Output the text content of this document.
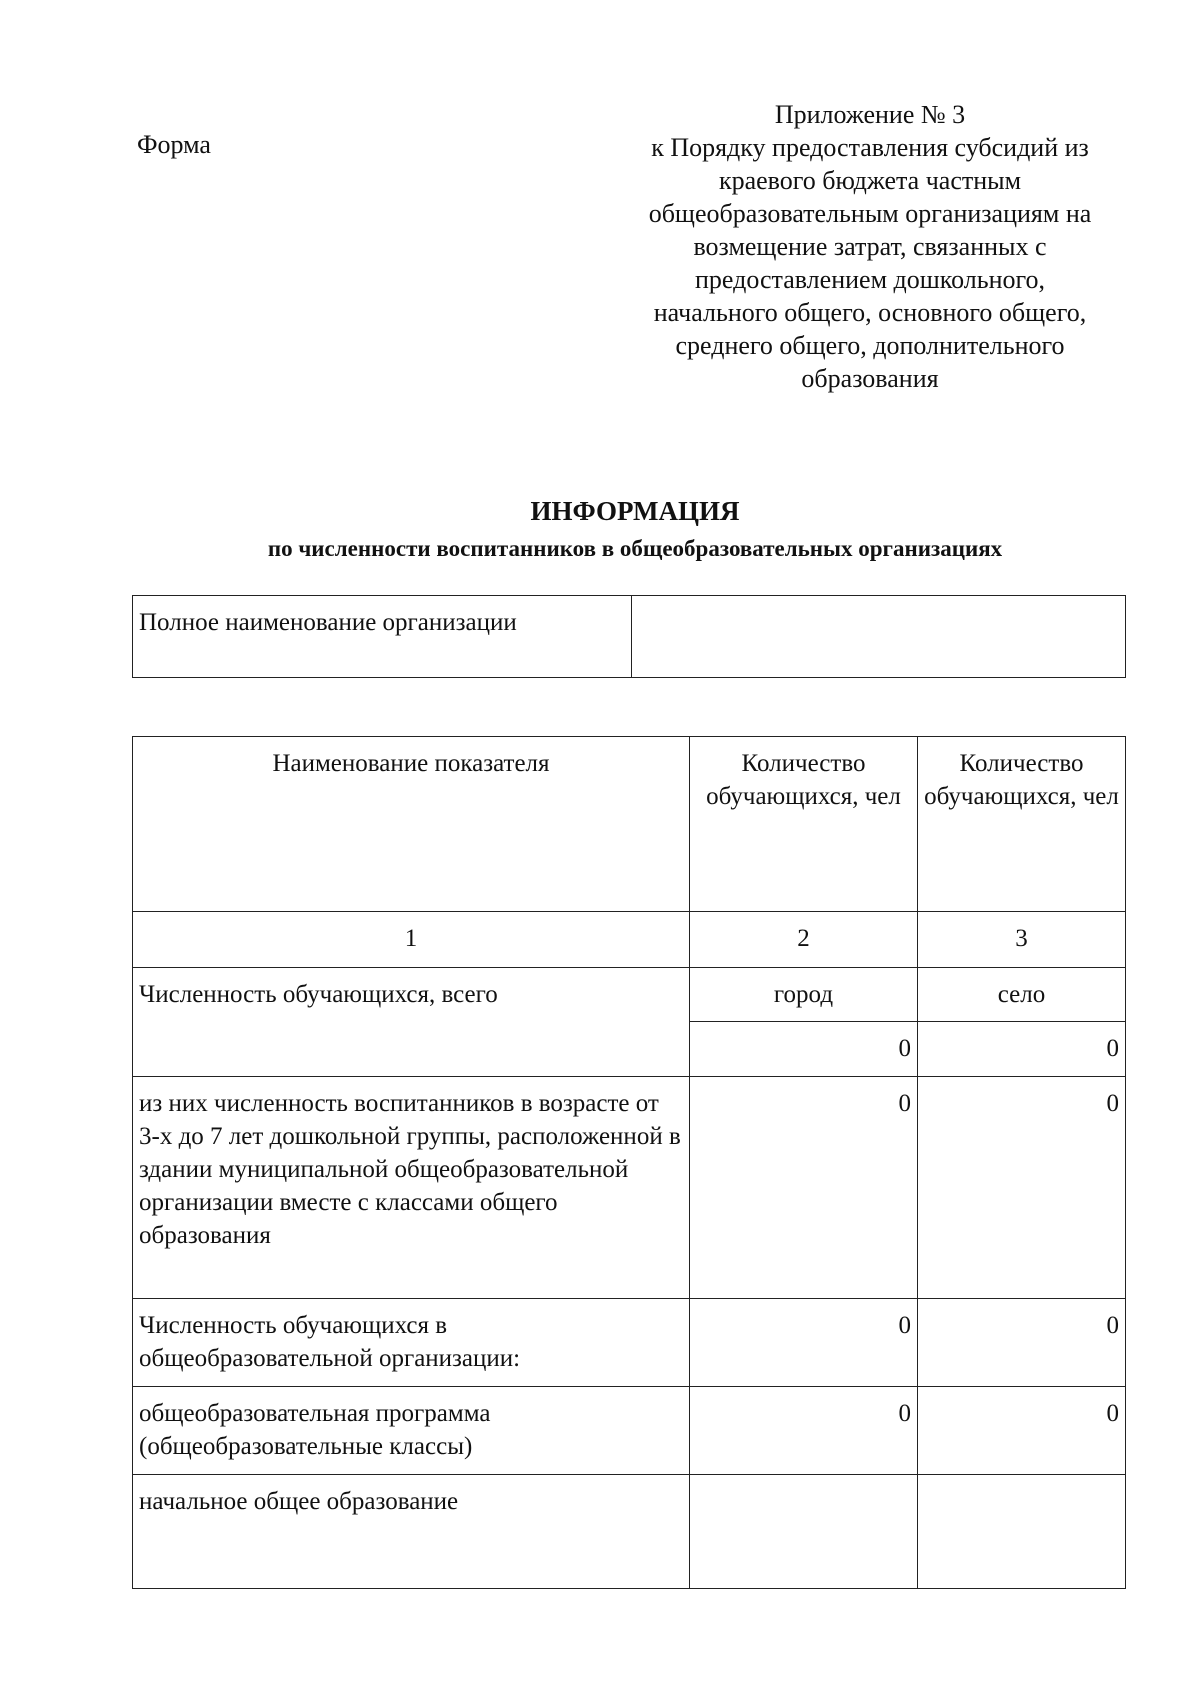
Форма
Приложение № 3
к Порядку предоставления субсидий из
краевого бюджета частным
общеобразовательным организациям на
возмещение затрат, связанных с
предоставлением дошкольного,
начального общего, основного общего,
среднего общего, дополнительного
образования
ИНФОРМАЦИЯ
по численности воспитанников в общеобразовательных организациях
Полное наименование организации	
Наименование показателя	Количество обучающихся, чел	Количество обучающихся, чел
1	2	3
Численность обучающихся, всего	город	село
	0	0
из них численность воспитанников в возрасте от 3-х до 7 лет дошкольной группы, расположенной в здании муниципальной общеобразовательной организации вместе с классами общего образования	0	0
Численность обучающихся в общеобразовательной организации:	0	0
общеобразовательная программа (общеобразовательные классы)	0	0
начальное общее образование		
